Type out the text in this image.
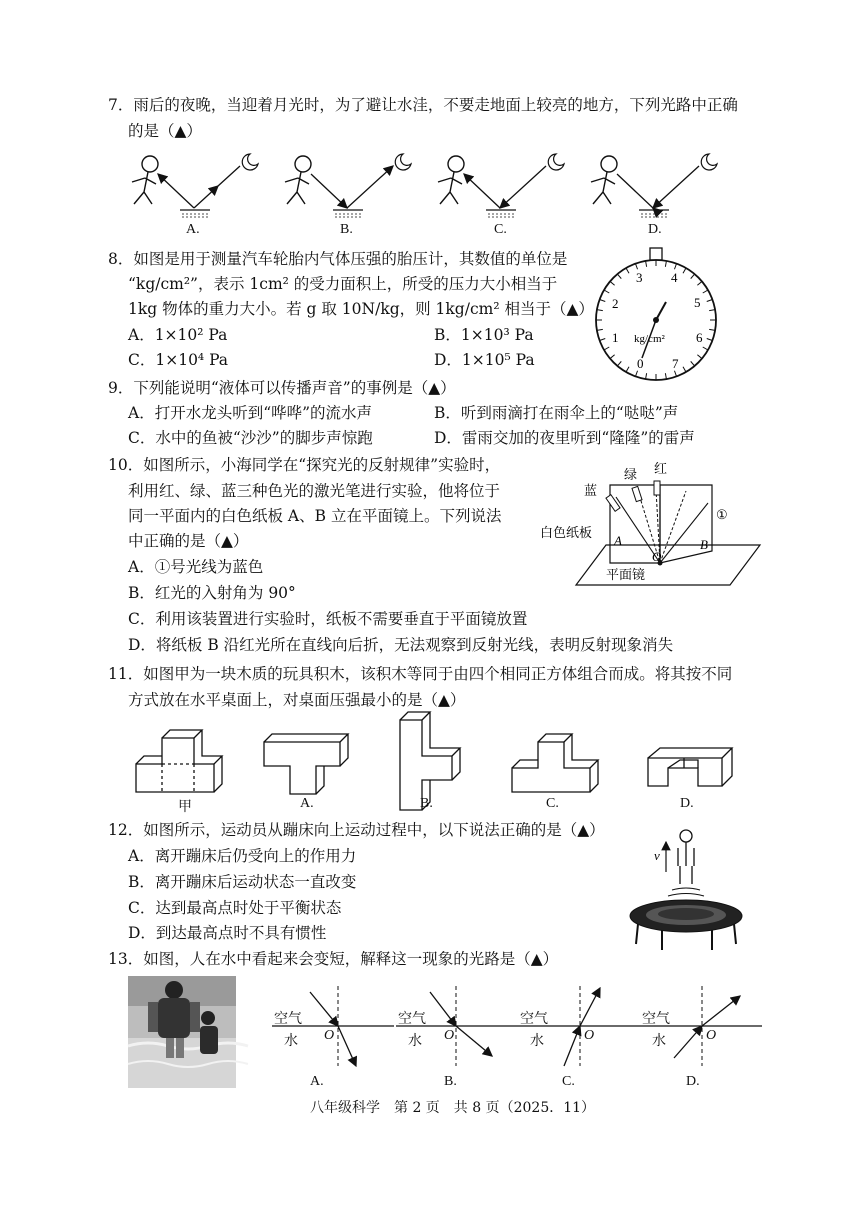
7．雨后的夜晚，当迎着月光时，为了避让水洼，不要走地面上较亮的地方，下列光路中正确
的是（▲）
A.	B.	C.	D.
8．如图是用于测量汽车轮胎内气体压强的胎压计，其数值的单位是
“kg/cm²”，表示 1cm² 的受力面积上，所受的压力大小相当于
1kg 物体的重力大小。若 g 取 10N/kg，则 1kg/cm² 相当于（▲）
A．1×10² Pa	B．1×10³ Pa
C．1×10⁴ Pa	D．1×10⁵ Pa	0
1
2
3 4
5
6
7
kg/cm²
9．下列能说明“液体可以传播声音”的事例是（▲）
A．打开水龙头听到“哗哗”的流水声	B．听到雨滴打在雨伞上的“哒哒”声
C．水中的鱼被“沙沙”的脚步声惊跑	D．雷雨交加的夜里听到“隆隆”的雷声
10．如图所示，小海同学在“探究光的反射规律”实验时，
利用红、绿、蓝三种色光的激光笔进行实验，他将位于
同一平面内的白色纸板 A、B 立在平面镜上。下列说法
中正确的是（▲）
A．①号光线为蓝色
B．红光的入射角为 90°
C．利用该装置进行实验时，纸板不需要垂直于平面镜放置
D．将纸板 B 沿红光所在直线向后折，无法观察到反射光线，表明反射现象消失
绿 红
蓝
①
白色纸板
A
O
B
平面镜
11．如图甲为一块木质的玩具积木，该积木等同于由四个相同正方体组合而成。将其按不同
方式放在水平桌面上，对桌面压强最小的是（▲）
甲	A.	B.	C.	D.
12．如图所示，运动员从蹦床向上运动过程中，以下说法正确的是（▲）
A．离开蹦床后仍受向上的作用力
B．离开蹦床后运动状态一直改变
C．达到最高点时处于平衡状态
D．到达最高点时不具有惯性
v
13．如图，人在水中看起来会变短，解释这一现象的光路是（▲）
空气
水 O
空气
水 O
空气
水	O
空气
水	O
A.	B.	C.	D.
八年级科学　第 2 页　共 8 页（2025．11）
